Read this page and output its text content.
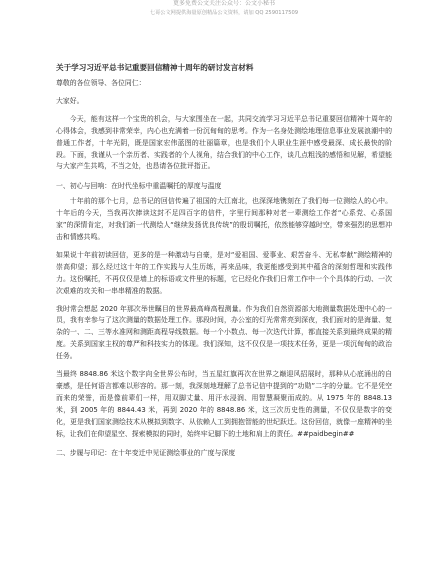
更多免费公文关注公众号：公文小秘书
七哥公文网提供海量原创精品公文资料，请加 QQ 2590117509

关于学习习近平总书记重要回信精神十周年的研讨发言材料

尊敬的各位领导、各位同仁：

大家好。

今天，能有这样一个宝贵的机会，与大家围坐在一起，共同交流学习习近平总书记重要回信精神十周年的心得体会，我感到非常荣幸，内心也充满着一份沉甸甸的思考。作为一名身处测绘地理信息事业发展浪潮中的普通工作者，十年光阴，既是国家宏伟蓝图的壮丽篇章，也是我们个人职业生涯中感受最深、成长最快的阶段。下面，我谨从一个亲历者、实践者的个人视角，结合我们的中心工作，谈几点粗浅的感悟和见解，希望能与大家产生共鸣，不当之处，也恳请各位批评指正。

一、初心与回响：在时代坐标中重温嘱托的厚度与温度

十年前的那个七月，总书记的回信传遍了祖国的大江南北，也深深地镌刻在了我们每一位测绘人的心中。十年后的今天，当我再次捧读这封不足四百字的信件，字里行间那种对老一辈测绘工作者“心系党、心系国家”的深情肯定，对我们新一代测绘人“继续发扬优良传统”的殷切嘱托，依然能够穿越时空，带来强烈的思想冲击和情感共鸣。

如果说十年前初读回信，更多的是一种激动与自豪，是对“爱祖国、爱事业、艰苦奋斗、无私奉献”测绘精神的崇高仰望；那么经过这十年的工作实践与人生历练，再来品味，我更能感受到其中蕴含的深刻哲理和实践伟力。这份嘱托，不再仅仅是墙上的标语或文件里的标题，它已经化作我们日常工作中一个个具体的行动、一次次艰难的攻关和一串串精准的数据。

我时常会想起 2020 年那次举世瞩目的世界最高峰高程测量。作为我们自然资源部大地测量数据处理中心的一员，我有幸参与了这次测量的数据处理工作。那段时间，办公室的灯光常常亮到深夜，我们面对的是海量、复杂的一、二、三等水准网和测距高程导线数据。每一个小数点、每一次迭代计算，都直接关系到最终成果的精度。关系到国家主权的尊严和科技实力的体现。我们深知，这不仅仅是一项技术任务，更是一项沉甸甸的政治任务。

当最终 8848.86 米这个数字向全世界公布时，当五星红旗再次在世界之巅迎风招展时，那种从心底涌出的自豪感，是任何语言都难以形容的。那一刻，我深刻地理解了总书记信中提到的“功勋”二字的分量。它不是凭空而来的荣誉，而是像前辈们一样，用双脚丈量、用汗水浸润、用智慧凝聚而成的。从 1975 年的 8848.13 米，到 2005 年的 8844.43 米，再到 2020 年的 8848.86 米，这三次历史性的测量，不仅仅是数字的变化，更是我们国家测绘技术从模拟到数字、从依赖人工到拥抱智能的世纪跃迁。这份回信，就像一座精神的坐标，让我们在仰望星空、探索模拟的同时，始终牢记脚下的土地和肩上的责任。##paidbegin##

二、步履与印记：在十年变迁中见证测绘事业的广度与深度
